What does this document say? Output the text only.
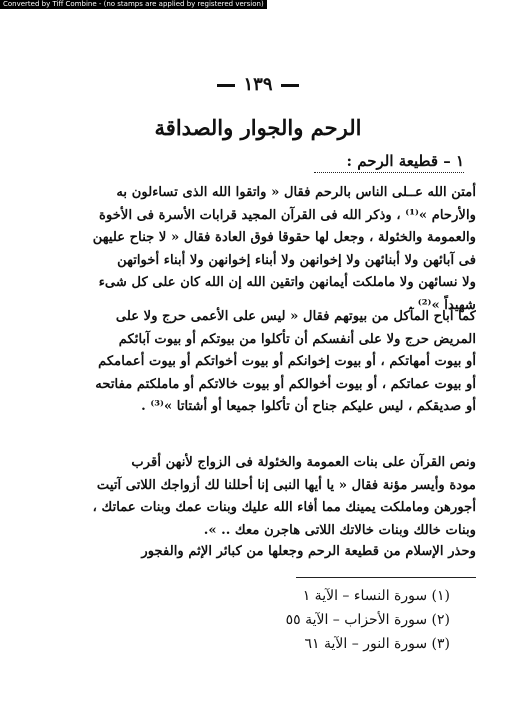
Converted by Tiff Combine - (no stamps are applied by registered version)
١٣٩
الرحم والجوار والصداقة
١ – قطيعة الرحم :
أمتن الله عــلى الناس بالرحم فقال « واتقوا الله الذى تساءلون به
والأرحام »⁽¹⁾ ، وذكر الله فى القرآن المجيد قرابات الأسرة فى الأخوة
والعمومة والخئولة ، وجعل لها حقوقا فوق العادة فقال « لا جناح عليهن
فى آبائهن ولا أبنائهن ولا إخوانهن ولا أبناء إخوانهن ولا أبناء أخواتهن
ولا نسائهن ولا ماملكت أيمانهن واتقين الله إن الله كان على كل شىء
شهيداً »⁽²⁾ .
كما أباح المآكل من بيوتهم فقال « ليس على الأعمى حرج ولا على
المريض حرج ولا على أنفسكم أن تأكلوا من بيوتكم أو بيوت آبائكم
أو بيوت أمهاتكم ، أو بيوت إخوانكم أو بيوت أخواتكم أو بيوت أعمامكم
أو بيوت عماتكم ، أو بيوت أخوالكم أو بيوت خالاتكم أو ماملكتم مفاتحه
أو صديقكم ، ليس عليكم جناح أن تأكلوا جميعا أو أشتاتا »⁽³⁾ .
ونص القرآن على بنات العمومة والخئولة فى الزواج لأنهن أقرب
مودة وأيسر مؤنة فقال « يا أيها النبى إنا أحللنا لك أزواجك اللاتى آتيت
أجورهن وماملكت يمينك مما أفاء الله عليك وبنات عمك وبنات عماتك ،
وبنات خالك وبنات خالاتك اللاتى هاجرن معك .. ».
وحذر الإسلام من قطيعة الرحم وجعلها من كبائر الإثم والفجور
(١) سورة النساء – الآية ١
(٢) سورة الأحزاب – الآية ٥٥
(٣) سورة النور – الآية ٦١
